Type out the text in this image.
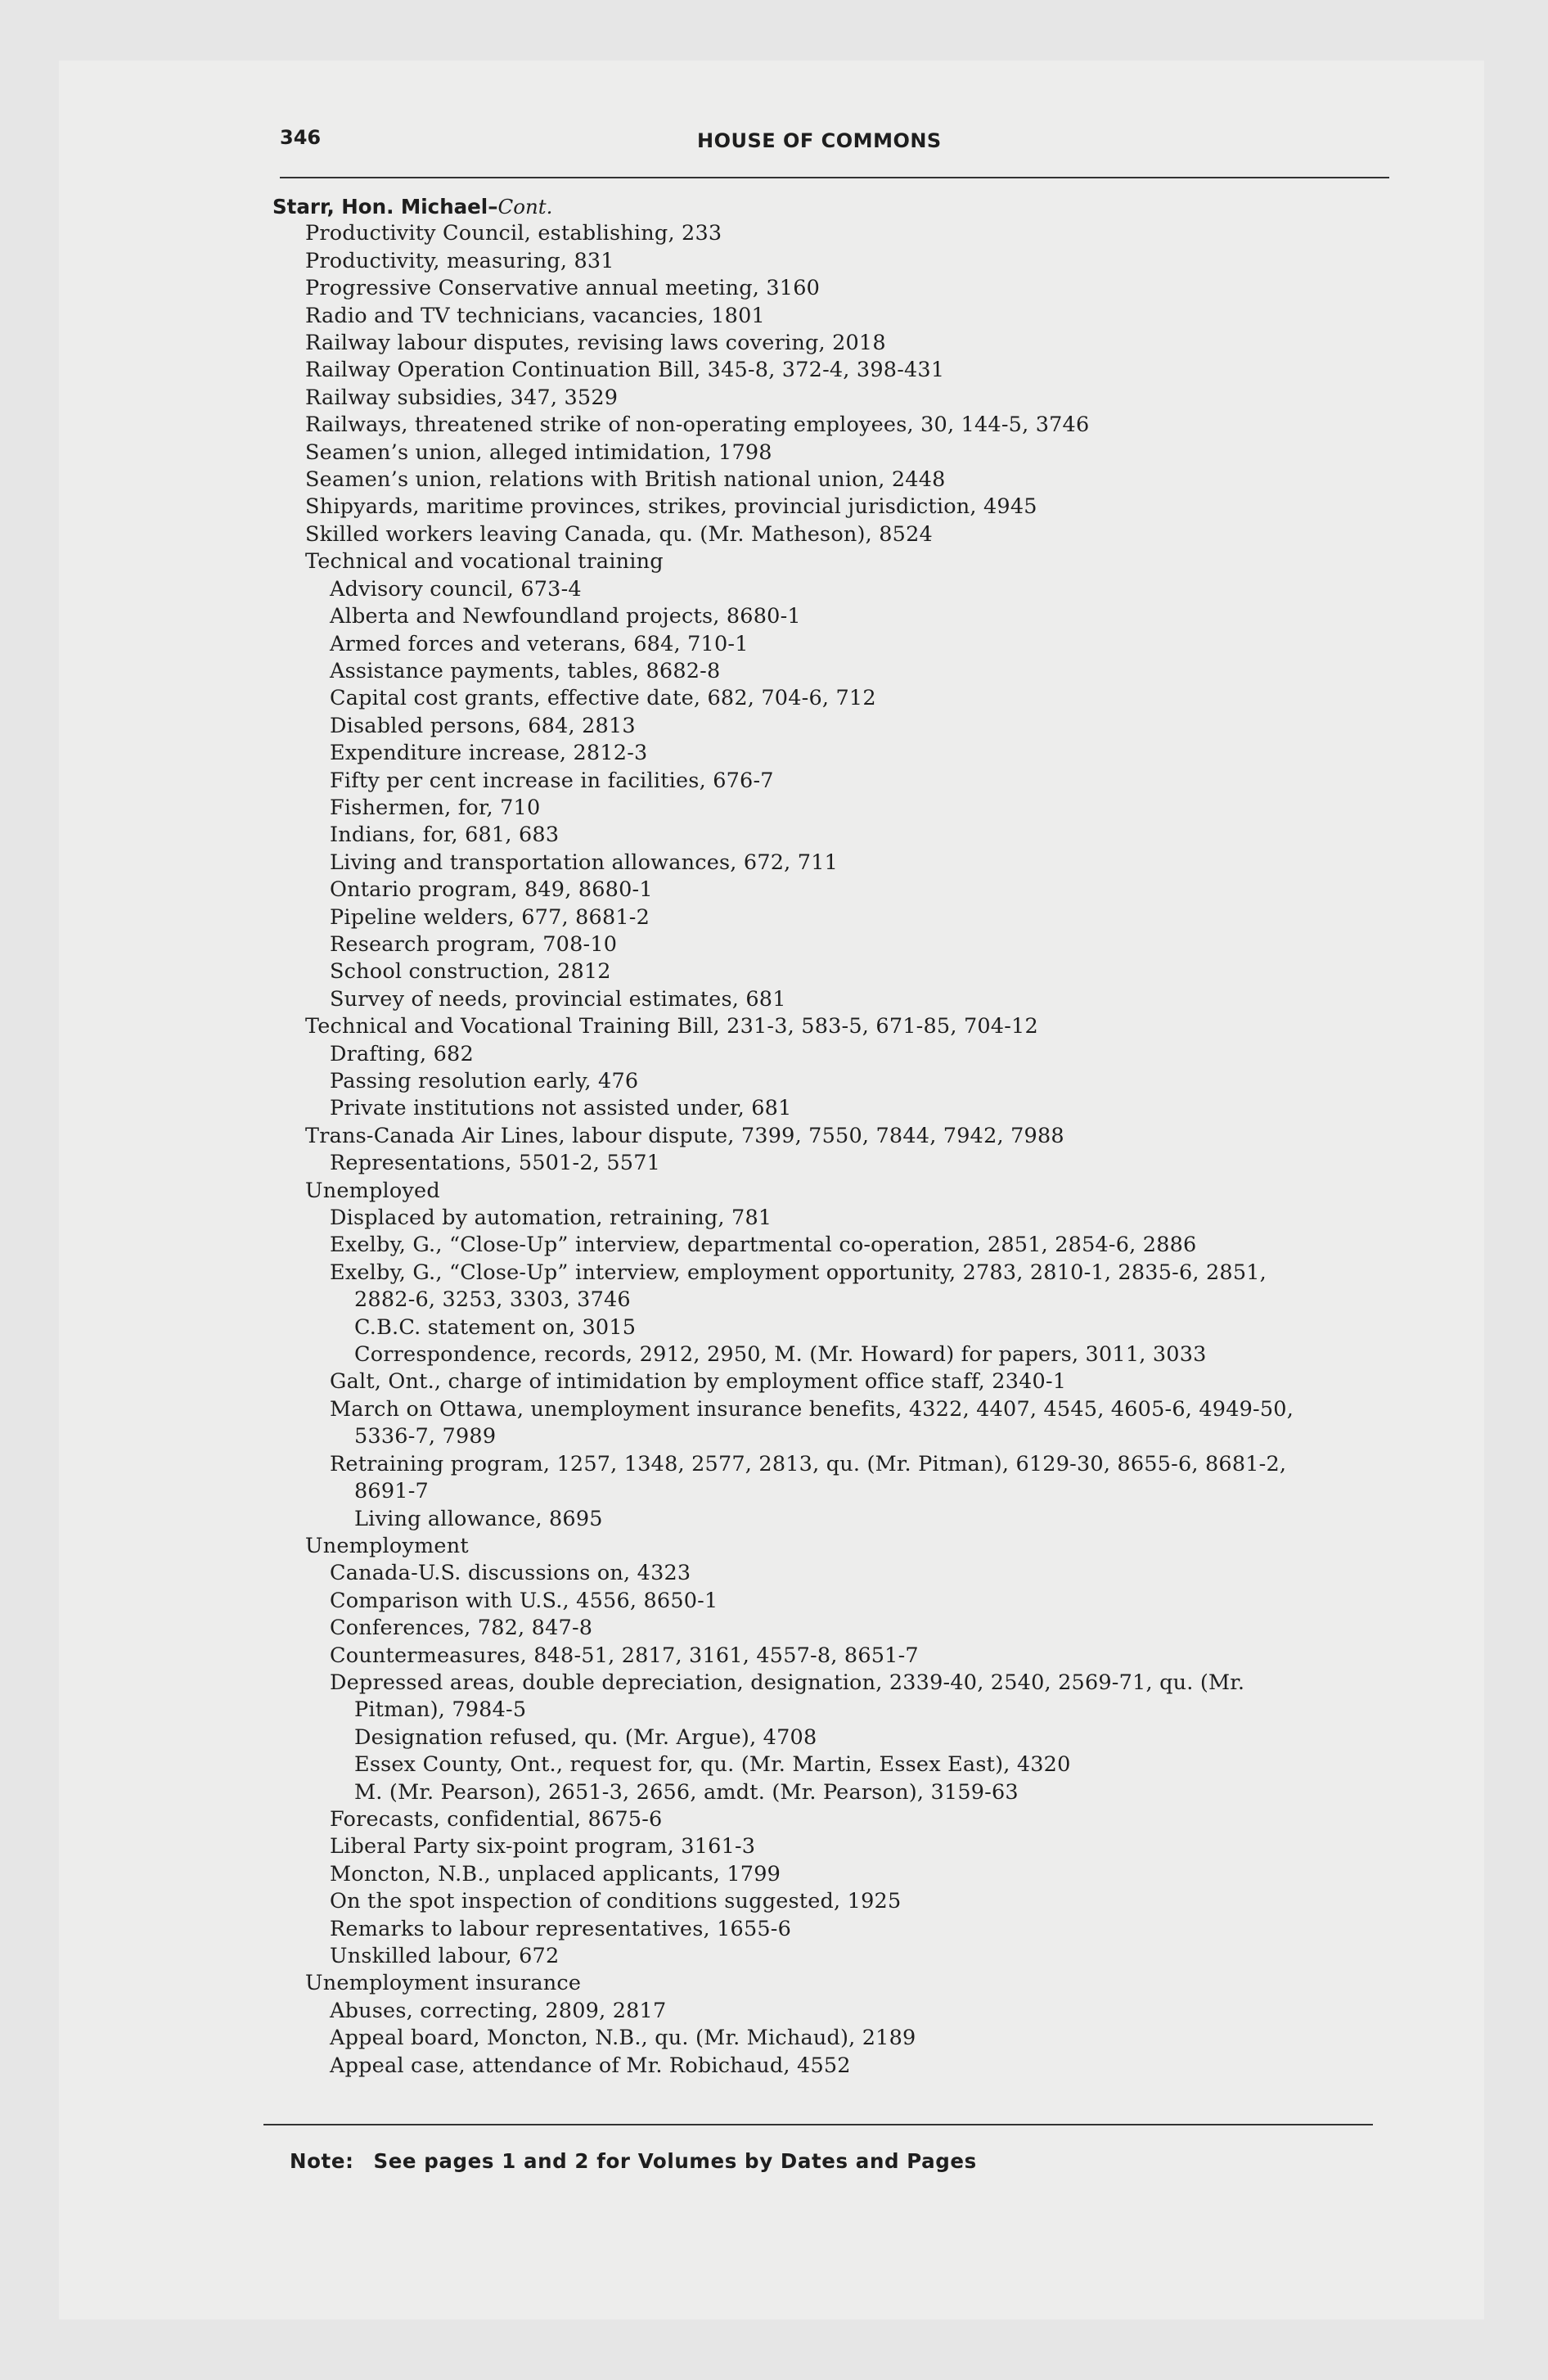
346	HOUSE OF COMMONS
Starr, Hon. Michael–Cont.
Productivity Council, establishing, 233
Productivity, measuring, 831
Progressive Conservative annual meeting, 3160
Radio and TV technicians, vacancies, 1801
Railway labour disputes, revising laws covering, 2018
Railway Operation Continuation Bill, 345-8, 372-4, 398-431
Railway subsidies, 347, 3529
Railways, threatened strike of non-operating employees, 30, 144-5, 3746
Seamen’s union, alleged intimidation, 1798
Seamen’s union, relations with British national union, 2448
Shipyards, maritime provinces, strikes, provincial jurisdiction, 4945
Skilled workers leaving Canada, qu. (Mr. Matheson), 8524
Technical and vocational training
Advisory council, 673-4
Alberta and Newfoundland projects, 8680-1
Armed forces and veterans, 684, 710-1
Assistance payments, tables, 8682-8
Capital cost grants, effective date, 682, 704-6, 712
Disabled persons, 684, 2813
Expenditure increase, 2812-3
Fifty per cent increase in facilities, 676-7
Fishermen, for, 710
Indians, for, 681, 683
Living and transportation allowances, 672, 711
Ontario program, 849, 8680-1
Pipeline welders, 677, 8681-2
Research program, 708-10
School construction, 2812
Survey of needs, provincial estimates, 681
Technical and Vocational Training Bill, 231-3, 583-5, 671-85, 704-12
Drafting, 682
Passing resolution early, 476
Private institutions not assisted under, 681
Trans-Canada Air Lines, labour dispute, 7399, 7550, 7844, 7942, 7988
Representations, 5501-2, 5571
Unemployed
Displaced by automation, retraining, 781
Exelby, G., “Close-Up” interview, departmental co-operation, 2851, 2854-6, 2886
Exelby, G., “Close-Up” interview, employment opportunity, 2783, 2810-1, 2835-6, 2851,
2882-6, 3253, 3303, 3746
C.B.C. statement on, 3015
Correspondence, records, 2912, 2950, M. (Mr. Howard) for papers, 3011, 3033
Galt, Ont., charge of intimidation by employment office staff, 2340-1
March on Ottawa, unemployment insurance benefits, 4322, 4407, 4545, 4605-6, 4949-50,
5336-7, 7989
Retraining program, 1257, 1348, 2577, 2813, qu. (Mr. Pitman), 6129-30, 8655-6, 8681-2,
8691-7
Living allowance, 8695
Unemployment
Canada-U.S. discussions on, 4323
Comparison with U.S., 4556, 8650-1
Conferences, 782, 847-8
Countermeasures, 848-51, 2817, 3161, 4557-8, 8651-7
Depressed areas, double depreciation, designation, 2339-40, 2540, 2569-71, qu. (Mr.
Pitman), 7984-5
Designation refused, qu. (Mr. Argue), 4708
Essex County, Ont., request for, qu. (Mr. Martin, Essex East), 4320
M. (Mr. Pearson), 2651-3, 2656, amdt. (Mr. Pearson), 3159-63
Forecasts, confidential, 8675-6
Liberal Party six-point program, 3161-3
Moncton, N.B., unplaced applicants, 1799
On the spot inspection of conditions suggested, 1925
Remarks to labour representatives, 1655-6
Unskilled labour, 672
Unemployment insurance
Abuses, correcting, 2809, 2817
Appeal board, Moncton, N.B., qu. (Mr. Michaud), 2189
Appeal case, attendance of Mr. Robichaud, 4552
Note: See pages 1 and 2 for Volumes by Dates and Pages
